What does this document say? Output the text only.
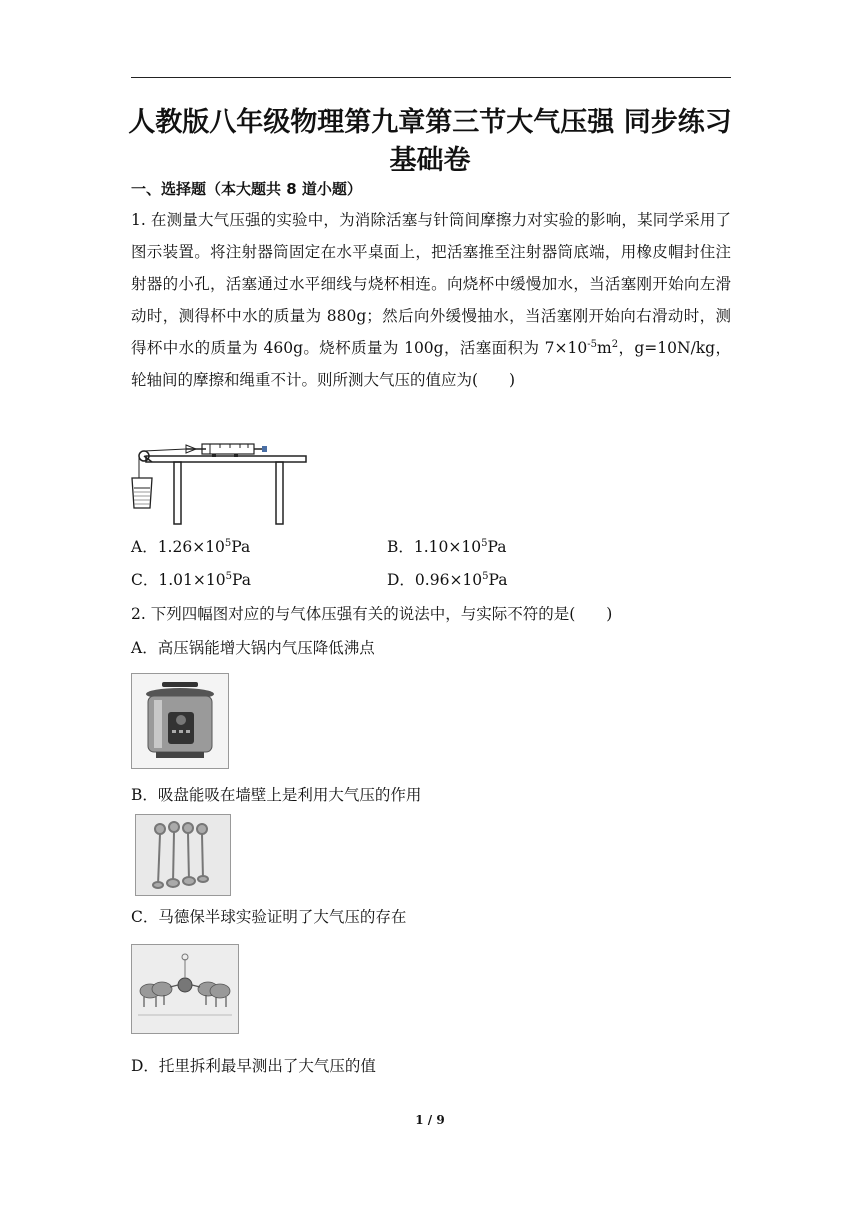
人教版八年级物理第九章第三节大气压强 同步练习基础卷
一、选择题（本大题共 8 道小题）

1. 在测量大气压强的实验中，为消除活塞与针筒间摩擦力对实验的影响，某同学采用了图示装置。将注射器筒固定在水平桌面上，把活塞推至注射器筒底端，用橡皮帽封住注射器的小孔，活塞通过水平细线与烧杯相连。向烧杯中缓慢加水，当活塞刚开始向左滑动时，测得杯中水的质量为 880g；然后向外缓慢抽水，当活塞刚开始向右滑动时，测得杯中水的质量为 460g。烧杯质量为 100g，活塞面积为 $7\times 10^{-5}m^2$，g=10N/kg，轮轴间的摩擦和绳重不计。则所测大气压的值应为(　　)

A．$1.26\times 10^5Pa$	B．$1.10\times 10^5Pa$

C．$1.01\times 10^5Pa$	D．$0.96\times 10^5Pa$

2. 下列四幅图对应的与气体压强有关的说法中，与实际不符的是(　　)

A．高压锅能增大锅内气压降低沸点

B．吸盘能吸在墙壁上是利用大气压的作用

C．马德保半球实验证明了大气压的存在

D．托里拆利最早测出了大气压的值

1 / 9
